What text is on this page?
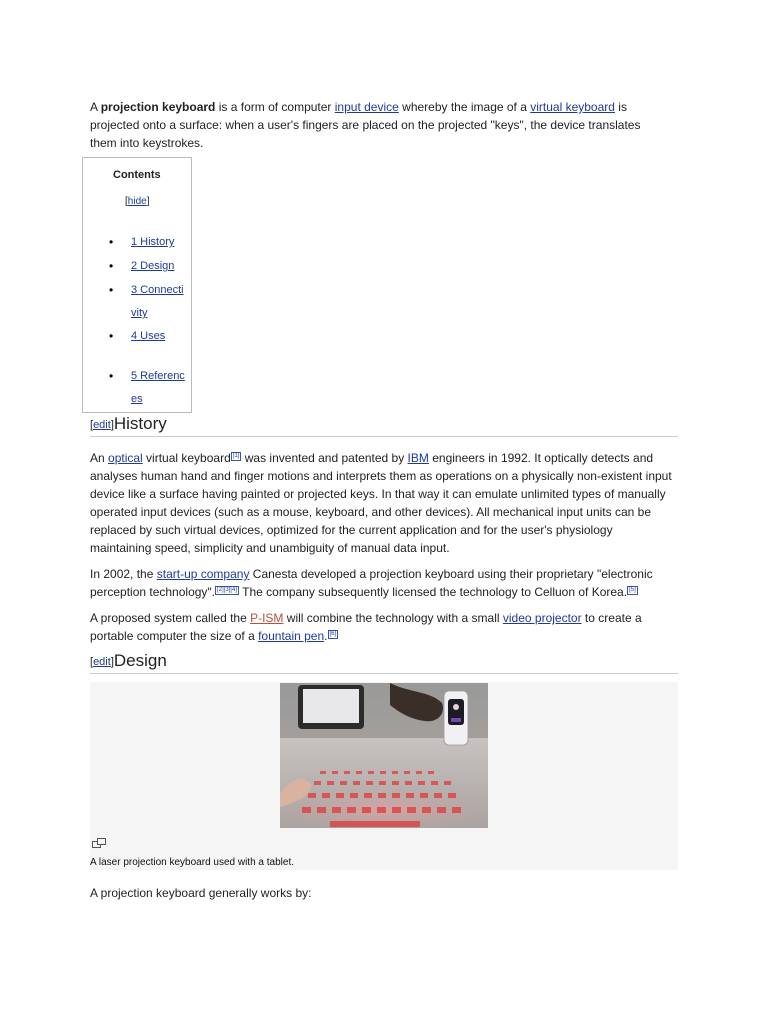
A projection keyboard is a form of computer input device whereby the image of a virtual keyboard is projected onto a surface: when a user's fingers are placed on the projected "keys", the device translates them into keystrokes.

Contents
[hide]
• 1 History
• 2 Design
• 3 Connectivity
• 4 Uses
• 5 References
[edit]History

An optical virtual keyboard [1] was invented and patented by IBM engineers in 1992. It optically detects and analyses human hand and finger motions and interprets them as operations on a physically non-existent input device like a surface having painted or projected keys. In that way it can emulate unlimited types of manually operated input devices (such as a mouse, keyboard, and other devices). All mechanical input units can be replaced by such virtual devices, optimized for the current application and for the user's physiology maintaining speed, simplicity and unambiguity of manual data input.

In 2002, the start-up company Canesta developed a projection keyboard using their proprietary "electronic perception technology". [2][3][4] The company subsequently licensed the technology to Celluon of Korea. [5]

A proposed system called the P-ISM will combine the technology with a small video projector to create a portable computer the size of a fountain pen. [6]

[edit]Design
A laser projection keyboard used with a tablet.

A projection keyboard generally works by:
